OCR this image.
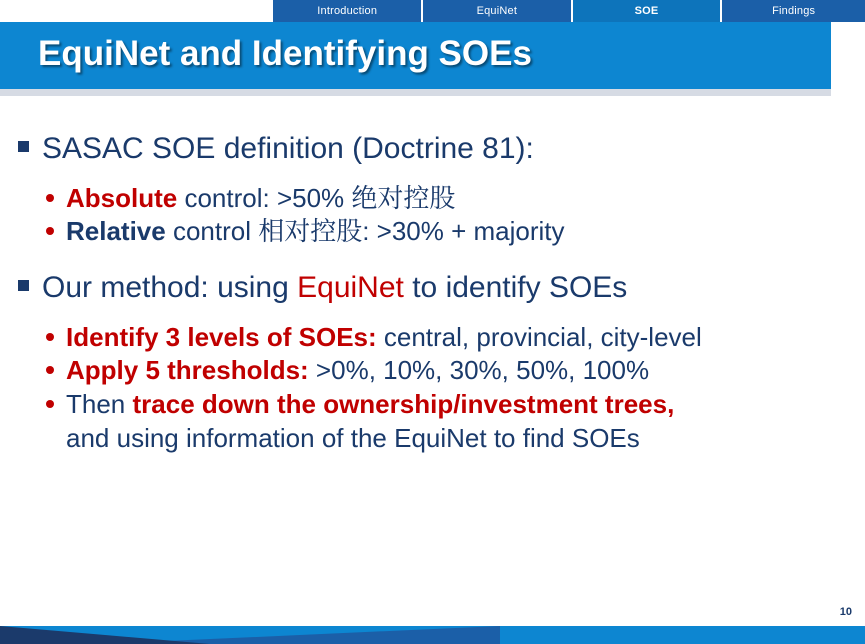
Introduction	EquiNet	SOE	Findings
EquiNet and Identifying SOEs
SASAC SOE definition (Doctrine 81):
Absolute control: >50% 绝对控股
Relative control 相对控股: >30% + majority
Our method: using EquiNet to identify SOEs
Identify 3 levels of SOEs: central, provincial, city-level
Apply 5 thresholds: >0%, 10%, 30%, 50%, 100%
Then trace down the ownership/investment trees,
and using information of the EquiNet to find SOEs
10
